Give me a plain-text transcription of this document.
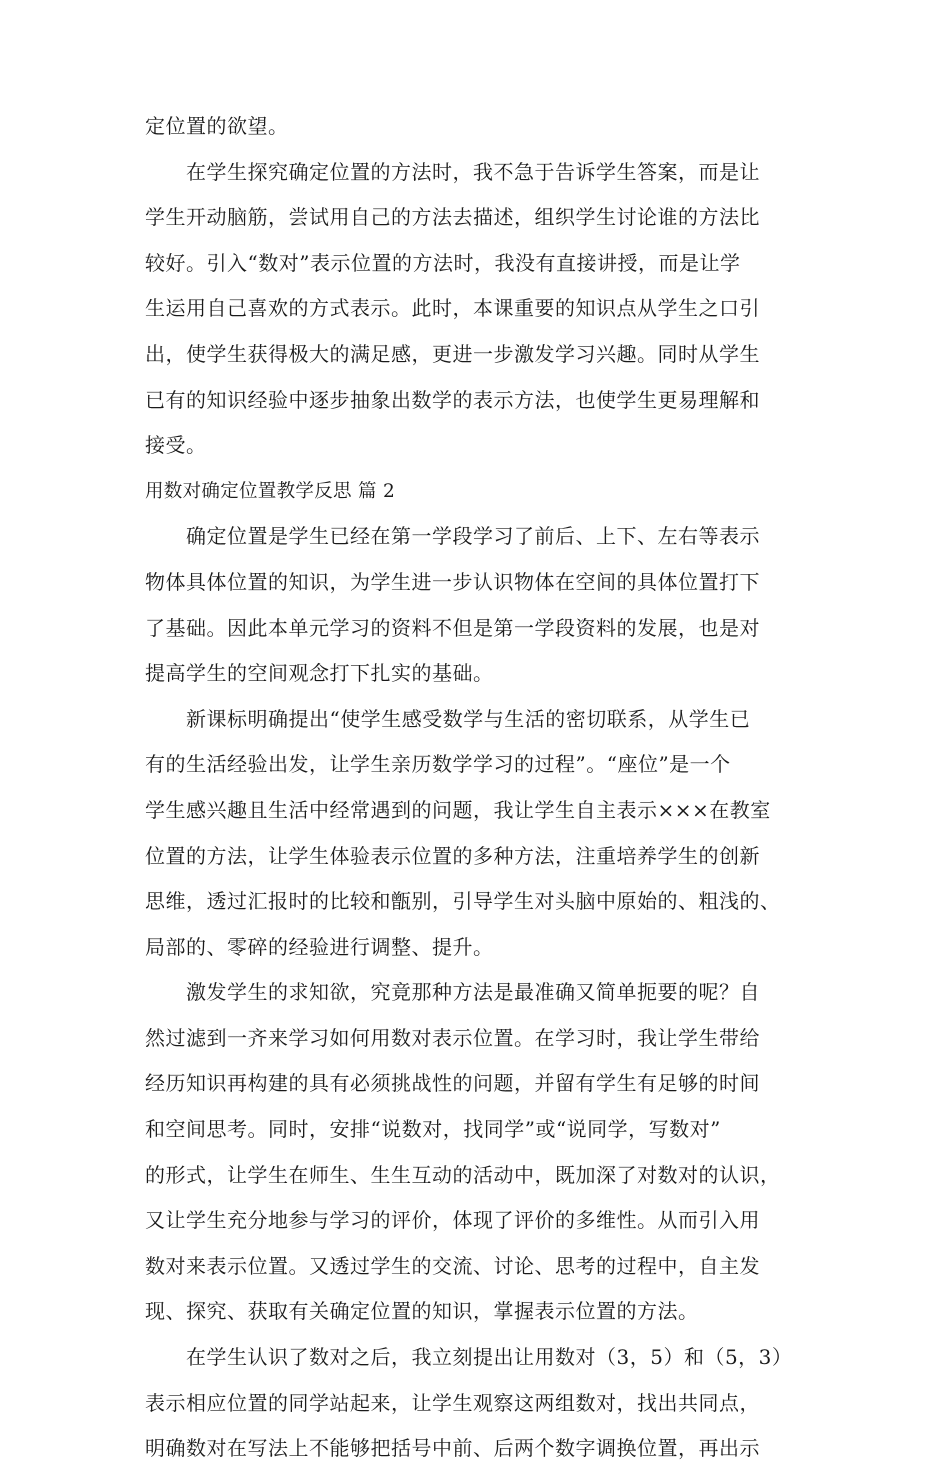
定位置的欲望。
在学生探究确定位置的方法时，我不急于告诉学生答案，而是让
学生开动脑筋，尝试用自己的方法去描述，组织学生讨论谁的方法比
较好。引入“数对”表示位置的方法时，我没有直接讲授，而是让学
生运用自己喜欢的方式表示。此时，本课重要的知识点从学生之口引
出，使学生获得极大的满足感，更进一步激发学习兴趣。同时从学生
已有的知识经验中逐步抽象出数学的表示方法，也使学生更易理解和
接受。
用数对确定位置教学反思 篇 2
确定位置是学生已经在第一学段学习了前后、上下、左右等表示
物体具体位置的知识，为学生进一步认识物体在空间的具体位置打下
了基础。因此本单元学习的资料不但是第一学段资料的发展，也是对
提高学生的空间观念打下扎实的基础。
新课标明确提出“使学生感受数学与生活的密切联系，从学生已
有的生活经验出发，让学生亲历数学学习的过程”。“座位”是一个
学生感兴趣且生活中经常遇到的问题，我让学生自主表示×××在教室
位置的方法，让学生体验表示位置的多种方法，注重培养学生的创新
思维，透过汇报时的比较和甑别，引导学生对头脑中原始的、粗浅的、
局部的、零碎的经验进行调整、提升。
激发学生的求知欲，究竟那种方法是最准确又简单扼要的呢？自
然过滤到一齐来学习如何用数对表示位置。在学习时，我让学生带给
经历知识再构建的具有必须挑战性的问题，并留有学生有足够的时间
和空间思考。同时，安排“说数对，找同学”或“说同学，写数对”
的形式，让学生在师生、生生互动的活动中，既加深了对数对的认识，
又让学生充分地参与学习的评价，体现了评价的多维性。从而引入用
数对来表示位置。又透过学生的交流、讨论、思考的过程中，自主发
现、探究、获取有关确定位置的知识，掌握表示位置的方法。
在学生认识了数对之后，我立刻提出让用数对（3，5）和（5，3）
表示相应位置的同学站起来，让学生观察这两组数对，找出共同点，
明确数对在写法上不能够把括号中前、后两个数字调换位置，再出示
